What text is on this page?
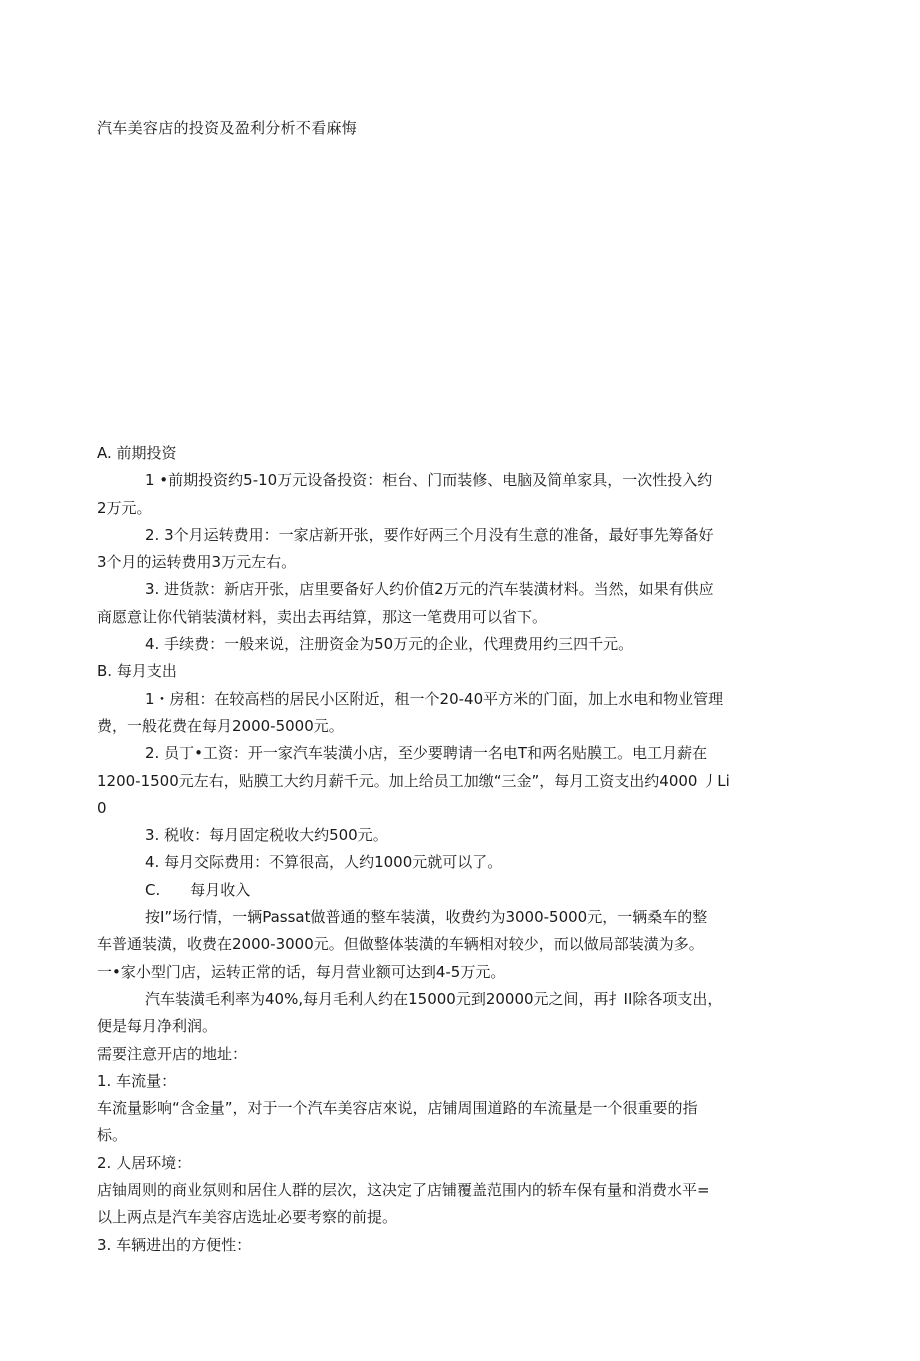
汽车美容店的投资及盈利分析不看麻悔
A. 前期投资
1 •前期投资约5-10万元设备投资：柜台、门而装修、电脑及简单家具，一次性投入约
2万元。
2. 3个月运转费用：一家店新开张，要作好两三个月没有生意的准备，最好事先筹备好
3个月的运转费用3万元左右。
3. 进货款：新店开张，店里要备好人约价值2万元的汽车装潢材料。当然，如果有供应
商愿意让你代销装潢材料，卖出去再结算，那这一笔费用可以省下。
4. 手续费：一般来说，注册资金为50万元的企业，代理费用约三四千元。
B. 每月支出
1・房租：在较高档的居民小区附近，租一个20-40平方米的门面，加上水电和物业管理
费，一般花费在每月2000-5000元。
2. 员丁•工资：开一家汽车装潢小店，至少要聘请一名电T和两名贴膜工。电工月薪在
1200-1500元左右，贴膜工大约月薪千元。加上给员工加缴“三金”，每月工资支出约4000 丿Li
0
3. 税收：每月固定税收大约500元。
4. 每月交际费用：不算很高，人约1000元就可以了。
C.　　每月收入
按I”场行情，一辆Passat做普通的整车装潢，收费约为3000-5000元，一辆桑车的整
车普通装潢，收费在2000-3000元。但做整体装潢的车辆相对较少，而以做局部装潢为多。
一•家小型门店，运转正常的话，每月营业额可达到4-5万元。
汽车装潢毛利率为40%,每月毛利人约在15000元到20000元之间，再扌II除各项支出，
便是每月净利润。
需要注意开店的地址：
1. 车流量：
车流量影响“含金量”，对于一个汽车美容店來说，店铺周围道路的车流量是一个很重要的指
标。
2. 人居环境：
店铀周则的商业氛则和居住人群的层次，这决定了店铺覆盖范围内的轿车保有量和消费水平=
以上两点是汽车美容店选址必要考察的前提。
3. 车辆进出的方便性：
